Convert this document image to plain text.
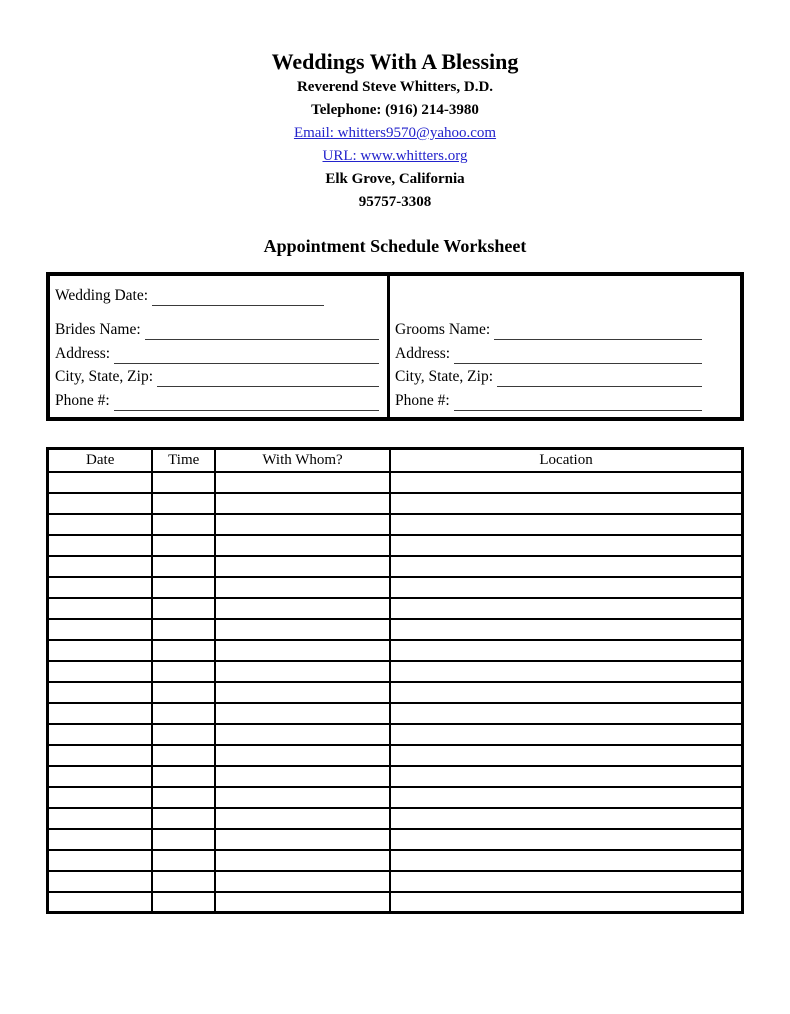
Weddings With A Blessing
Reverend Steve Whitters, D.D.
Telephone: (916) 214-3980
Email: whitters9570@yahoo.com
URL: www.whitters.org
Elk Grove, California
95757-3308
Appointment Schedule Worksheet
Wedding Date:
Brides Name:
Address:
City, State, Zip:
Phone #:
Grooms Name:
Address:
City, State, Zip:
Phone #:
Date	Time	With Whom?	Location
